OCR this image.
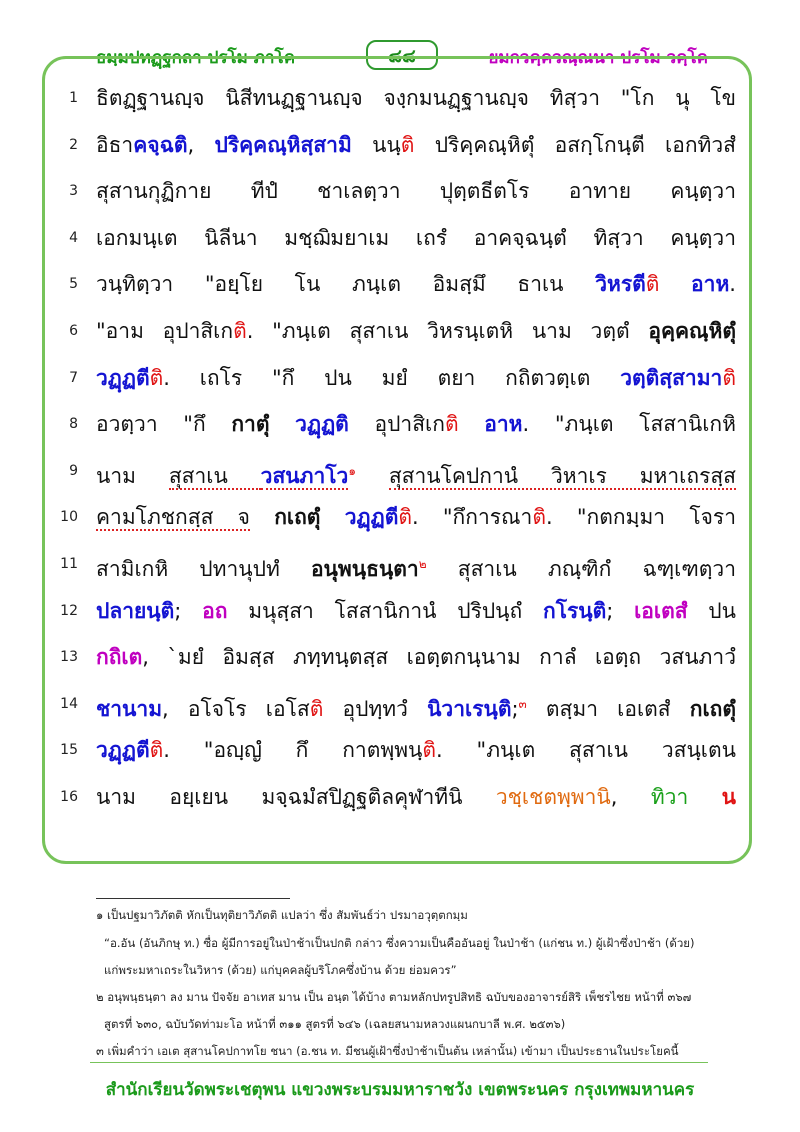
ธมฺมปทฏฺฐกถา ปรโม ภาโค	๘๘	ยมกวคฺควณฺณนา ปรโม วคฺโค
1 ธิตฏฺฐานญฺจ นิสีทนฏฺฐานญฺจ จงฺกมนฏฺฐานญฺจ ทิสฺวา "โก นุ โข
2 อิธาคจฺฉติ, ปริคฺคณฺหิสฺสามิ นนฺติ ปริคฺคณฺหิตุํ อสกฺโกนฺตี เอกทิวสํ
3 สุสานกุฏิกาย ทีปํ ชาเลตฺวา ปุตฺตธีตโร อาทาย คนฺตฺวา
4 เอกมนฺเต นิลีนา มชฺฌิมยาเม เถรํ อาคจฺฉนฺตํ ทิสฺวา คนฺตฺวา
5 วนฺทิตฺวา "อยฺโย โน ภนฺเต อิมสฺมึ ธาเน วิหรตีติ อาห.
6 "อาม อุปาสิเกติ. "ภนฺเต สุสาเน วิหรนฺเตหิ นาม วตฺตํ อุคฺคณฺหิตุํ
7 วฏฺฏตีติ. เถโร "กึ ปน มยํ ตยา กถิตวตฺเต วตฺติสฺสามาติ
8 อวตฺวา "กึ กาตุํ วฏฺฏติ อุปาสิเกติ อาห. "ภนฺเต โสสานิเกหิ
9 นาม สุสาเน วสนภาโว$^๑$ สุสานโคปกานํ วิหาเร มหาเถรสฺส
10 คามโภชกสฺส จ กเถตุํ วฏฺฏตีติ. "กึการณาติ. "กตกมฺมา โจรา
11 สามิเกหิ ปทานุปทํ อนุพนฺธนฺตา$^๒$ สุสาเน ภณฺฑิกํ ฉฑฺเฑตฺวา
12 ปลายนฺติ; อถ มนุสฺสา โสสานิกานํ ปริปนฺถํ กโรนฺติ; เอเตสํ ปน
13 กถิเต, `มยํ อิมสฺส ภทฺทนฺตสฺส เอตฺตกนฺนาม กาลํ เอตฺถ วสนภาวํ
14 ชานาม, อโจโร เอโสติ อุปทฺทวํ นิวาเรนฺติ;$^๓$ ตสฺมา เอเตสํ กเถตุํ
15 วฏฺฏตีติ. "อญฺญํ กึ กาตพฺพนฺติ. "ภนฺเต สุสาเน วสนฺเตน
16 นาม อยฺเยน มจฺฉมํสปิฏฺฐติลคุฬาทีนิ วชฺเชตพฺพานิ, ทิวา น
๑ เป็นปฐมาวิภัตติ หักเป็นทุติยาวิภัตติ แปลว่า ซึ่ง สัมพันธ์ว่า ปรมาอวุตฺตกมฺม
“อ.อัน (อันภิกษุ ท.) ซื่อ ผู้มีการอยู่ในป่าช้าเป็นปกติ กล่าว ซึ่งความเป็นคืออันอยู่ ในป่าช้า (แก่ชน ท.) ผู้เฝ้าซึ่งป่าช้า (ด้วย)
แก่พระมหาเถระในวิหาร (ด้วย) แก่บุคคลผู้บริโภคซึ่งบ้าน ด้วย ย่อมควร”
๒ อนุพนฺธนฺตา ลง มาน ปัจจัย อาเทส มาน เป็น อนฺต ได้บ้าง ตามหลักปทรูปสิทธิ ฉบับของอาจารย์สิริ เพ็ชรไชย หน้าที่ ๓๖๗
สูตรที่ ๖๓๐, ฉบับวัดท่ามะโอ หน้าที่ ๓๑๑ สูตรที่ ๖๔๖ (เฉลยสนามหลวงแผนกบาลี พ.ศ. ๒๕๓๖)
๓ เพิ่มคำว่า เอเต สุสานโคปกาทโย ชนา (อ.ชน ท. มีชนผู้เฝ้าซึ่งป่าช้าเป็นต้น เหล่านั้น) เข้ามา เป็นประธานในประโยคนี้
สำนักเรียนวัดพระเชตุพน แขวงพระบรมมหาราชวัง เขตพระนคร กรุงเทพมหานคร
